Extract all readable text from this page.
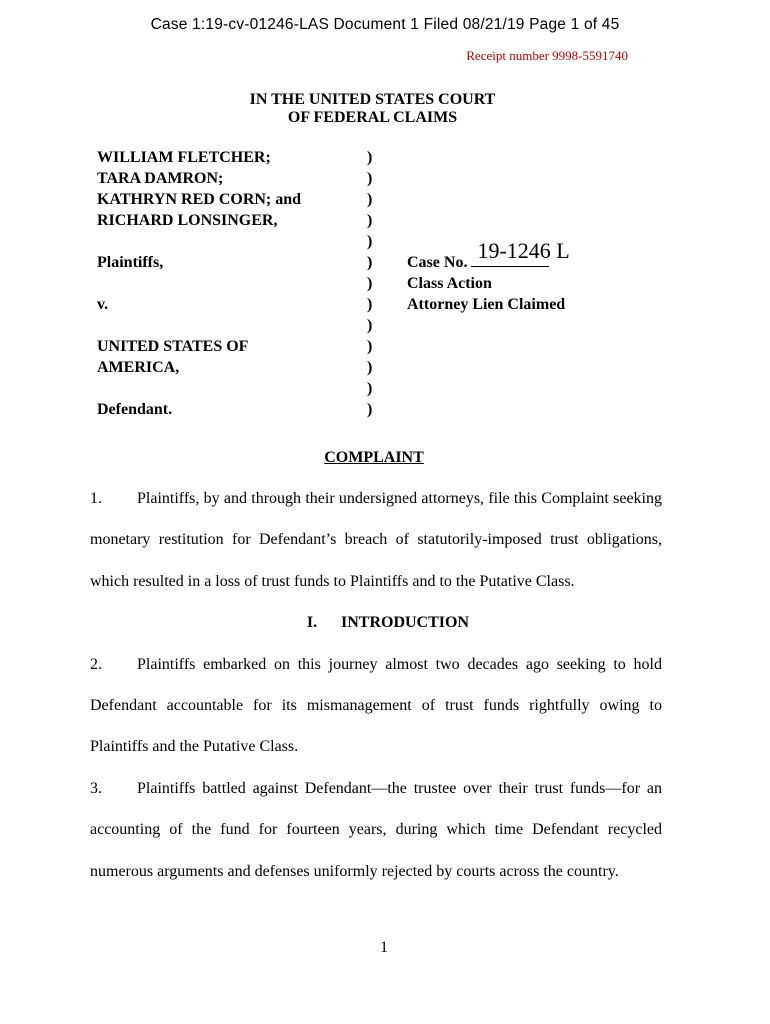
Case 1:19-cv-01246-LAS Document 1 Filed 08/21/19 Page 1 of 45
Receipt number 9998-5591740
IN THE UNITED STATES COURT
OF FEDERAL CLAIMS
WILLIAM FLETCHER;
TARA DAMRON;
KATHRYN RED CORN; and
RICHARD LONSINGER,
Plaintiffs,
v.
UNITED STATES OF
AMERICA,
Defendant.
)
)
)
)
)
)
)
)
)
)
)
)
)
Case No. 19-1246 L
Class Action
Attorney Lien Claimed
COMPLAINT

1. Plaintiffs, by and through their undersigned attorneys, file this Complaint seeking monetary restitution for Defendant’s breach of statutorily-imposed trust obligations, which resulted in a loss of trust funds to Plaintiffs and to the Putative Class.

I. INTRODUCTION

2. Plaintiffs embarked on this journey almost two decades ago seeking to hold Defendant accountable for its mismanagement of trust funds rightfully owing to Plaintiffs and the Putative Class.

3. Plaintiffs battled against Defendant—the trustee over their trust funds—for an accounting of the fund for fourteen years, during which time Defendant recycled numerous arguments and defenses uniformly rejected by courts across the country.

1
